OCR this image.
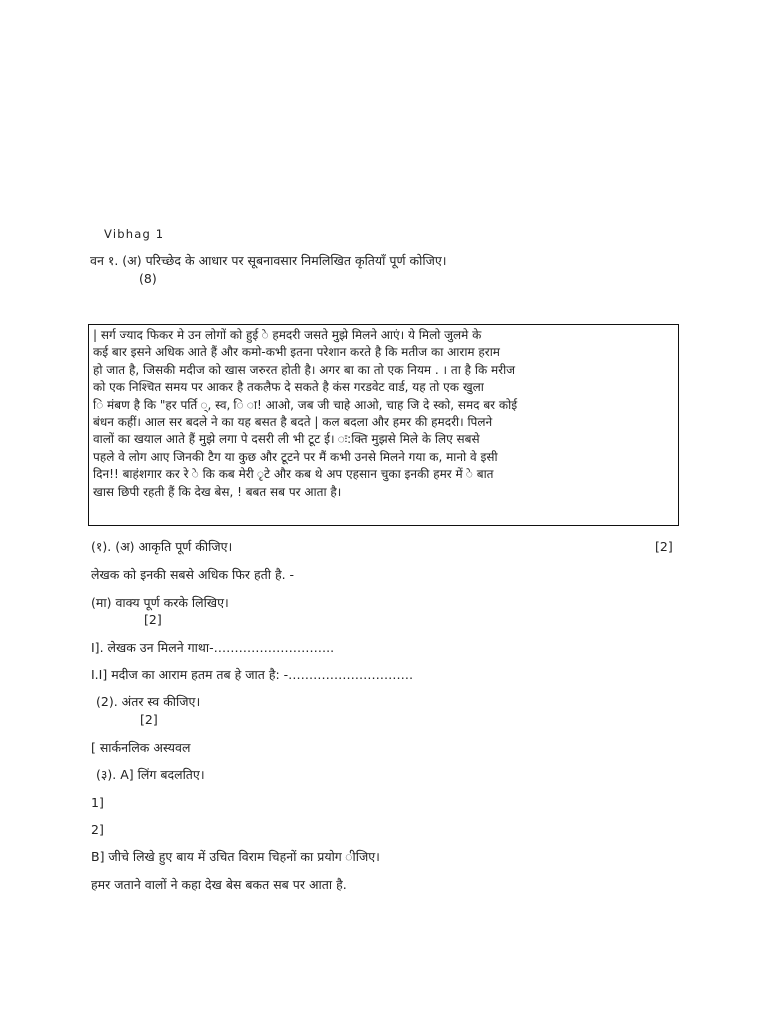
Vibhag 1
वन १. (अ) परिच्छेद के आधार पर सूबनावसार निमलिखित कृतियाँ पूर्ण कोजिए।
(8)
| सर्ग ज्याद फिकर मे उन लोगों को हुई े हमदरी जसते मुझे मिलने आएं। ये मिलो जुलमे के
कई बार इसने अधिक आते हैं और कमो-कभी इतना परेशान करते है कि मतीज का आराम हराम
हो जात है, जिसकी मदीज को खास जरुरत होती है। अगर बा का तो एक नियम . । ता है कि मरीज
को एक निश्चित समय पर आकर है तकलैफ दे सकते है कंस गरडवेट वार्ड, यह तो एक खुला
ि मंबण है कि "हर पर्ति ्, स्व, ि ा! आओ, जब जी चाहे आओ, चाह जि दे स्को, समद बर कोई
बंधन कहीं। आल सर बदले ने का यह बसत है बदते | कल बदला और हमर की हमदरी। पिलने
वालों का खयाल आते हैं मुझे लगा पे दसरी ली भी टूट ई। ः:क्ति मुझसे मिले के लिए सबसे
पहले वे लोग आए जिनकी टैग या कुछ और टूटने पर मैं कभी उनसे मिलने गया क, मानो वे इसी
दिन!! बाहंशगार कर रे े कि कब मेरी ृटे और कब थे अप एहसान चुका इनकी हमर में े बात
खास छिपी रहती हैं कि देख बेस, ! बबत सब पर आता है।
(१). (अ) आकृति पूर्ण कीजिए।	[2]
लेखक को इनकी सबसे अधिक फिर हती है. -
(मा) वाक्य पूर्ण करके लिखिए।
[2]
I]. लेखक उन मिलने गाथा-………………………..
I.I] मदीज का आराम हतम तब हे जात है: -…………………………
(2). अंतर स्व कीजिए।
[2]
[ सार्कनलिक अस्यवल
(३). A] लिंग बदलतिए।
1]
2]
B] जीचे लिखे हुए बाय में उचित विराम चिहनों का प्रयोग ीजिए।
हमर जताने वालों ने कहा देख बेस बकत सब पर आता है.
